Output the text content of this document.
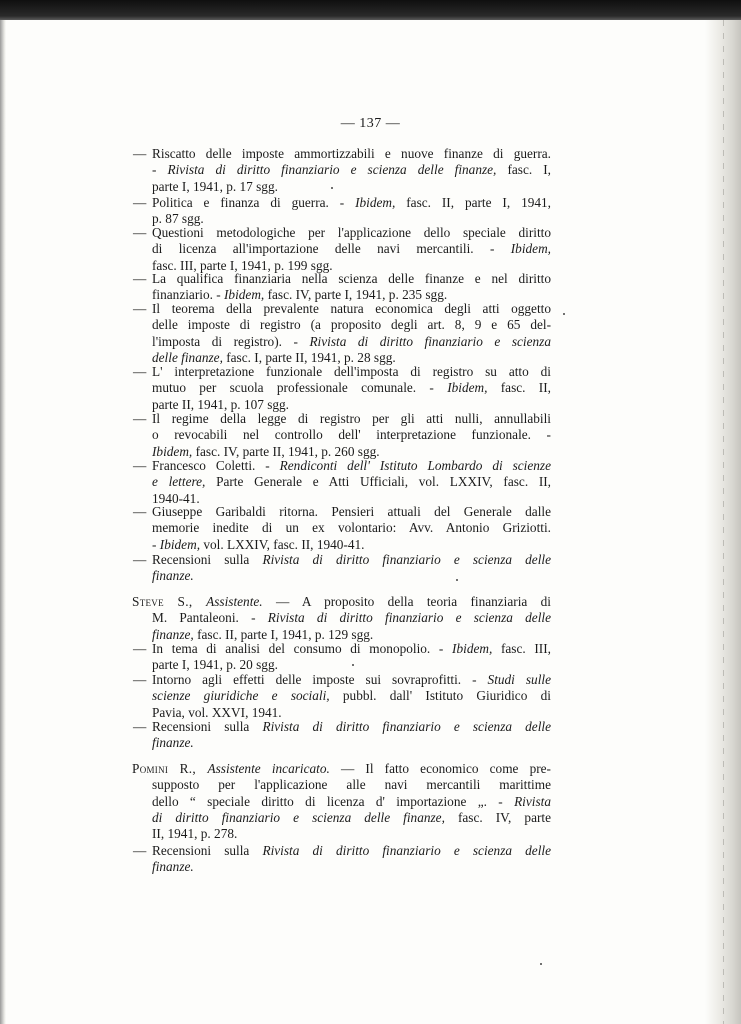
— 137 —
— Riscatto delle imposte ammortizzabili e nuove finanze di guerra.
- Rivista di diritto finanziario e scienza delle finanze, fasc. I,
parte I, 1941, p. 17 sgg.
— Politica e finanza di guerra. - Ibidem, fasc. II, parte I, 1941,
p. 87 sgg.
— Questioni metodologiche per l'applicazione dello speciale diritto
di licenza all'importazione delle navi mercantili. - Ibidem,
fasc. III, parte I, 1941, p. 199 sgg.
— La qualifica finanziaria nella scienza delle finanze e nel diritto
finanziario. - Ibidem, fasc. IV, parte I, 1941, p. 235 sgg.
— Il teorema della prevalente natura economica degli atti oggetto
delle imposte di registro (a proposito degli art. 8, 9 e 65 del-
l'imposta di registro). - Rivista di diritto finanziario e scienza
delle finanze, fasc. I, parte II, 1941, p. 28 sgg.
— L' interpretazione funzionale dell'imposta di registro su atto di
mutuo per scuola professionale comunale. - Ibidem, fasc. II,
parte II, 1941, p. 107 sgg.
— Il regime della legge di registro per gli atti nulli, annullabili
o revocabili nel controllo dell' interpretazione funzionale. -
Ibidem, fasc. IV, parte II, 1941, p. 260 sgg.
— Francesco Coletti. - Rendiconti dell' Istituto Lombardo di scienze
e lettere, Parte Generale e Atti Ufficiali, vol. LXXIV, fasc. II,
1940-41.
— Giuseppe Garibaldi ritorna. Pensieri attuali del Generale dalle
memorie inedite di un ex volontario: Avv. Antonio Griziotti.
- Ibidem, vol. LXXIV, fasc. II, 1940-41.
— Recensioni sulla Rivista di diritto finanziario e scienza delle
finanze.
Steve S., Assistente. — A proposito della teoria finanziaria di
M. Pantaleoni. - Rivista di diritto finanziario e scienza delle
finanze, fasc. II, parte I, 1941, p. 129 sgg.
— In tema di analisi del consumo di monopolio. - Ibidem, fasc. III,
parte I, 1941, p. 20 sgg.
— Intorno agli effetti delle imposte sui sovraprofitti. - Studi sulle
scienze giuridiche e sociali, pubbl. dall' Istituto Giuridico di
Pavia, vol. XXVI, 1941.
— Recensioni sulla Rivista di diritto finanziario e scienza delle
finanze.
Pomini R., Assistente incaricato. — Il fatto economico come pre-
supposto per l'applicazione alle navi mercantili marittime
dello “ speciale diritto di licenza d' importazione „. - Rivista
di diritto finanziario e scienza delle finanze, fasc. IV, parte
II, 1941, p. 278.
— Recensioni sulla Rivista di diritto finanziario e scienza delle
finanze.
